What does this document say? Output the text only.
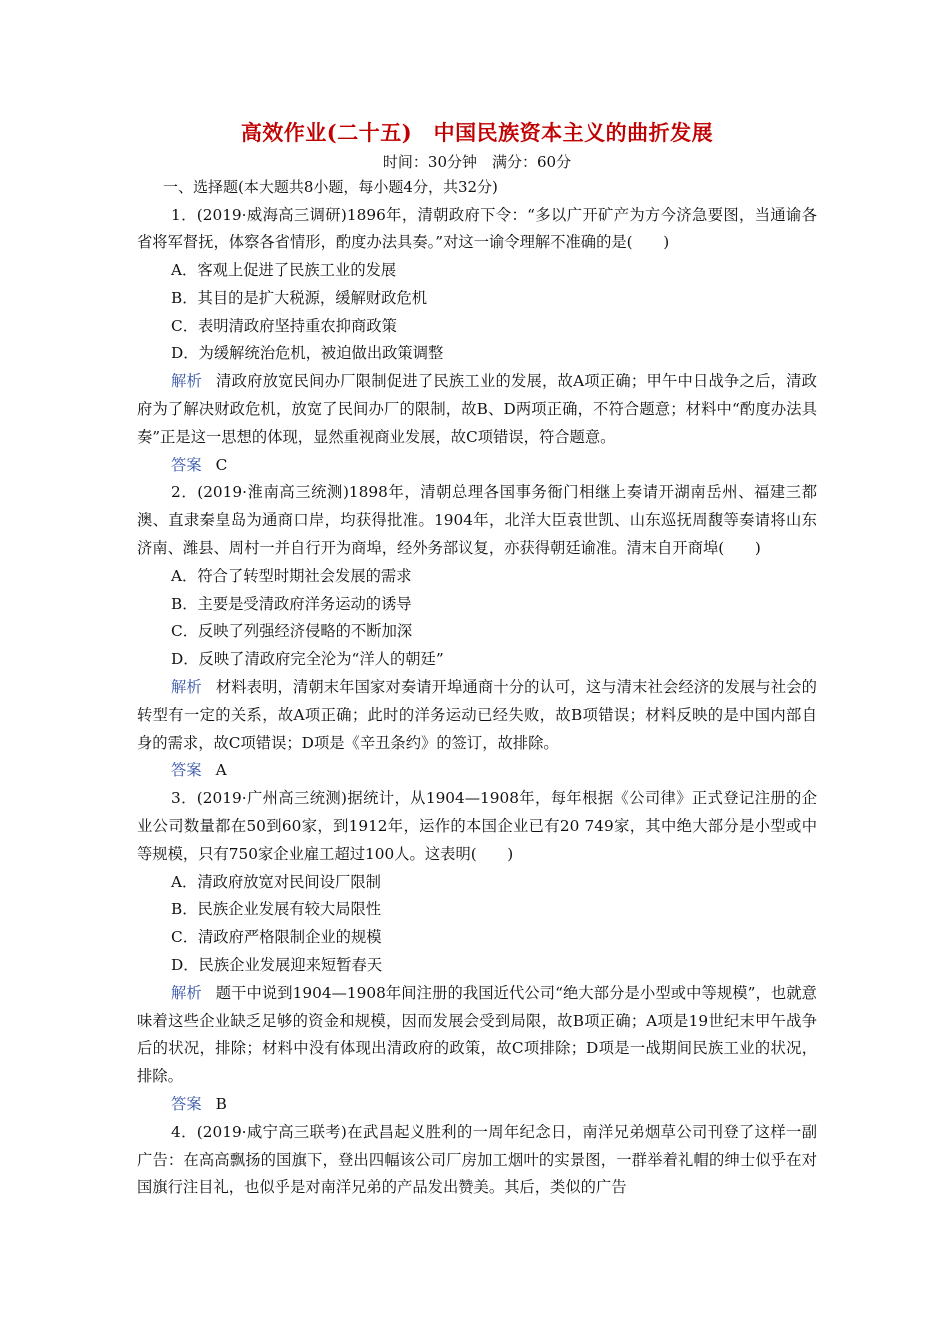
高效作业(二十五)　中国民族资本主义的曲折发展

时间：30分钟　满分：60分

一、选择题(本大题共8小题，每小题4分，共32分)

1．(2019·威海高三调研)1896年，清朝政府下令：“多以广开矿产为方今济急要图，当通谕各省将军督抚，体察各省情形，酌度办法具奏。”对这一谕令理解不准确的是(　　)

A．客观上促进了民族工业的发展

B．其目的是扩大税源，缓解财政危机

C．表明清政府坚持重农抑商政策

D．为缓解统治危机，被迫做出政策调整

解析 清政府放宽民间办厂限制促进了民族工业的发展，故A项正确；甲午中日战争之后，清政府为了解决财政危机，放宽了民间办厂的限制，故B、D两项正确，不符合题意；材料中“酌度办法具奏”正是这一思想的体现，显然重视商业发展，故C项错误，符合题意。

答案 C

2．(2019·淮南高三统测)1898年，清朝总理各国事务衙门相继上奏请开湖南岳州、福建三都澳、直隶秦皇岛为通商口岸，均获得批准。1904年，北洋大臣袁世凯、山东巡抚周馥等奏请将山东济南、潍县、周村一并自行开为商埠，经外务部议复，亦获得朝廷谕准。清末自开商埠(　　)

A．符合了转型时期社会发展的需求

B．主要是受清政府洋务运动的诱导

C．反映了列强经济侵略的不断加深

D．反映了清政府完全沦为“洋人的朝廷”

解析 材料表明，清朝末年国家对奏请开埠通商十分的认可，这与清末社会经济的发展与社会的转型有一定的关系，故A项正确；此时的洋务运动已经失败，故B项错误；材料反映的是中国内部自身的需求，故C项错误；D项是《辛丑条约》的签订，故排除。

答案 A

3．(2019·广州高三统测)据统计，从1904—1908年，每年根据《公司律》正式登记注册的企业公司数量都在50到60家，到1912年，运作的本国企业已有20 749家，其中绝大部分是小型或中等规模，只有750家企业雇工超过100人。这表明(　　)

A．清政府放宽对民间设厂限制

B．民族企业发展有较大局限性

C．清政府严格限制企业的规模

D．民族企业发展迎来短暂春天

解析 题干中说到1904—1908年间注册的我国近代公司“绝大部分是小型或中等规模”，也就意味着这些企业缺乏足够的资金和规模，因而发展会受到局限，故B项正确；A项是19世纪末甲午战争后的状况，排除；材料中没有体现出清政府的政策，故C项排除；D项是一战期间民族工业的状况，排除。

答案 B

4．(2019·咸宁高三联考)在武昌起义胜利的一周年纪念日，南洋兄弟烟草公司刊登了这样一副广告：在高高飘扬的国旗下，登出四幅该公司厂房加工烟叶的实景图，一群举着礼帽的绅士似乎在对国旗行注目礼，也似乎是对南洋兄弟的产品发出赞美。其后，类似的广告
